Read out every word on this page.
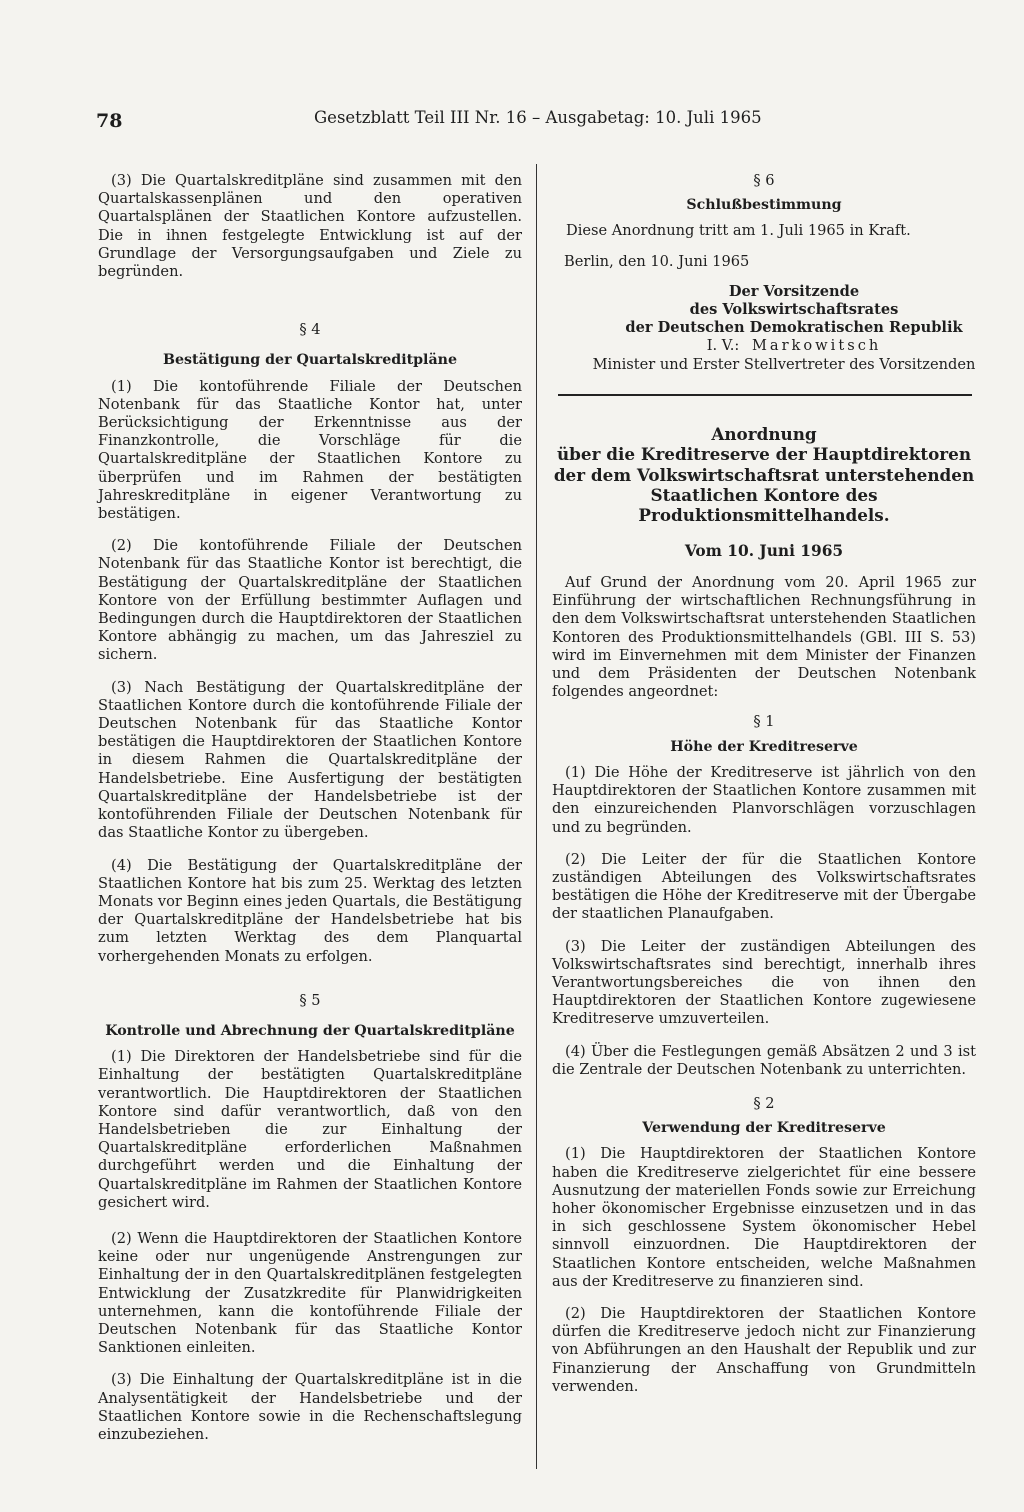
78	Gesetzblatt Teil III Nr. 16 – Ausgabetag: 10. Juli 1965

(3) Die Quartalskreditpläne sind zusammen mit den Quartalskassenplänen und den operativen Quartalsplänen der Staatlichen Kontore aufzustellen. Die in ihnen festgelegte Entwicklung ist auf der Grundlage der Versorgungsaufgaben und Ziele zu begründen.

§ 4

Bestätigung der Quartalskreditpläne

(1) Die kontoführende Filiale der Deutschen Notenbank für das Staatliche Kontor hat, unter Berücksichtigung der Erkenntnisse aus der Finanzkontrolle, die Vorschläge für die Quartalskreditpläne der Staatlichen Kontore zu überprüfen und im Rahmen der bestätigten Jahreskreditpläne in eigener Verantwortung zu bestätigen.

(2) Die kontoführende Filiale der Deutschen Notenbank für das Staatliche Kontor ist berechtigt, die Bestätigung der Quartalskreditpläne der Staatlichen Kontore von der Erfüllung bestimmter Auflagen und Bedingungen durch die Hauptdirektoren der Staatlichen Kontore abhängig zu machen, um das Jahresziel zu sichern.

(3) Nach Bestätigung der Quartalskreditpläne der Staatlichen Kontore durch die kontoführende Filiale der Deutschen Notenbank für das Staatliche Kontor bestätigen die Hauptdirektoren der Staatlichen Kontore in diesem Rahmen die Quartalskreditpläne der Handelsbetriebe. Eine Ausfertigung der bestätigten Quartalskreditpläne der Handelsbetriebe ist der kontoführenden Filiale der Deutschen Notenbank für das Staatliche Kontor zu übergeben.

(4) Die Bestätigung der Quartalskreditpläne der Staatlichen Kontore hat bis zum 25. Werktag des letzten Monats vor Beginn eines jeden Quartals, die Bestätigung der Quartalskreditpläne der Handelsbetriebe hat bis zum letzten Werktag des dem Planquartal vorhergehenden Monats zu erfolgen.

§ 5

Kontrolle und Abrechnung der Quartalskreditpläne

(1) Die Direktoren der Handelsbetriebe sind für die Einhaltung der bestätigten Quartalskreditpläne verantwortlich. Die Hauptdirektoren der Staatlichen Kontore sind dafür verantwortlich, daß von den Handelsbetrieben die zur Einhaltung der Quartalskreditpläne erforderlichen Maßnahmen durchgeführt werden und die Einhaltung der Quartalskreditpläne im Rahmen der Staatlichen Kontore gesichert wird.

(2) Wenn die Hauptdirektoren der Staatlichen Kontore keine oder nur ungenügende Anstrengungen zur Einhaltung der in den Quartalskreditplänen festgelegten Entwicklung der Zusatzkredite für Planwidrigkeiten unternehmen, kann die kontoführende Filiale der Deutschen Notenbank für das Staatliche Kontor Sanktionen einleiten.

(3) Die Einhaltung der Quartalskreditpläne ist in die Analysentätigkeit der Handelsbetriebe und der Staatlichen Kontore sowie in die Rechenschaftslegung einzubeziehen.

§ 6

Schlußbestimmung

Diese Anordnung tritt am 1. Juli 1965 in Kraft.

Berlin, den 10. Juni 1965

Der Vorsitzende

des Volkswirtschaftsrates

der Deutschen Demokratischen Republik

I. V.: Markowitsch

Minister und Erster Stellvertreter des Vorsitzenden

Anordnung

über die Kreditreserve der Hauptdirektoren

der dem Volkswirtschaftsrat unterstehenden

Staatlichen Kontore des Produktionsmittelhandels.

Vom 10. Juni 1965

Auf Grund der Anordnung vom 20. April 1965 zur Einführung der wirtschaftlichen Rechnungsführung in den dem Volkswirtschaftsrat unterstehenden Staatlichen Kontoren des Produktionsmittelhandels (GBl. III S. 53) wird im Einvernehmen mit dem Minister der Finanzen und dem Präsidenten der Deutschen Notenbank folgendes angeordnet:

§ 1

Höhe der Kreditreserve

(1) Die Höhe der Kreditreserve ist jährlich von den Hauptdirektoren der Staatlichen Kontore zusammen mit den einzureichenden Planvorschlägen vorzuschlagen und zu begründen.

(2) Die Leiter der für die Staatlichen Kontore zuständigen Abteilungen des Volkswirtschaftsrates bestätigen die Höhe der Kreditreserve mit der Übergabe der staatlichen Planaufgaben.

(3) Die Leiter der zuständigen Abteilungen des Volkswirtschaftsrates sind berechtigt, innerhalb ihres Verantwortungsbereiches die von ihnen den Hauptdirektoren der Staatlichen Kontore zugewiesene Kreditreserve umzuverteilen.

(4) Über die Festlegungen gemäß Absätzen 2 und 3 ist die Zentrale der Deutschen Notenbank zu unterrichten.

§ 2

Verwendung der Kreditreserve

(1) Die Hauptdirektoren der Staatlichen Kontore haben die Kreditreserve zielgerichtet für eine bessere Ausnutzung der materiellen Fonds sowie zur Erreichung hoher ökonomischer Ergebnisse einzusetzen und in das in sich geschlossene System ökonomischer Hebel sinnvoll einzuordnen. Die Hauptdirektoren der Staatlichen Kontore entscheiden, welche Maßnahmen aus der Kreditreserve zu finanzieren sind.

(2) Die Hauptdirektoren der Staatlichen Kontore dürfen die Kreditreserve jedoch nicht zur Finanzierung von Abführungen an den Haushalt der Republik und zur Finanzierung der Anschaffung von Grundmitteln verwenden.
